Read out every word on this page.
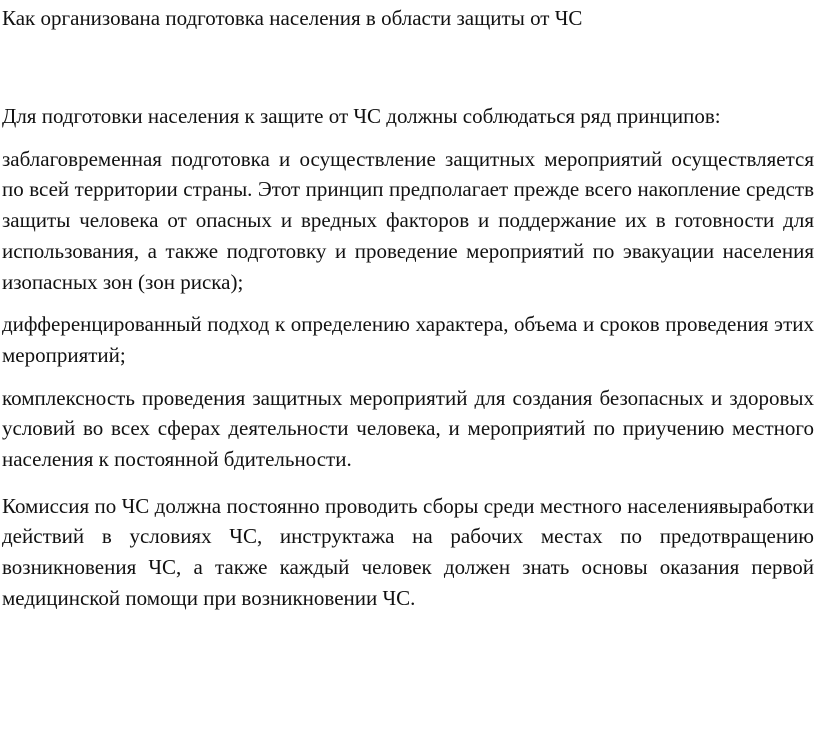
Как организована подготовка населения в области защиты от ЧС

Для подготовки населения к защите от ЧС должны соблюдаться ряд принципов:

заблаговременная подготовка и осуществление защитных мероприятий осуществляется по всей территории страны. Этот принцип предполагает прежде всего накопление средств защиты человека от опасных и вредных факторов и поддержание их в готовности для использования, а также подготовку и проведение мероприятий по эвакуации населения изопасных зон (зон риска);

дифференцированный подход к определению характера, объема и сроков проведения этих мероприятий;

комплексность проведения защитных мероприятий для создания безопасных и здоровых условий во всех сферах деятельности человека, и мероприятий по приучению местного населения к постоянной бдительности.

Комиссия по ЧС должна постоянно проводить сборы среди местного населениявыработки действий в условиях ЧС, инструктажа на рабочих местах по предотвращению возникновения ЧС, а также каждый человек должен знать основы оказания первой медицинской помощи при возникновении ЧС.
